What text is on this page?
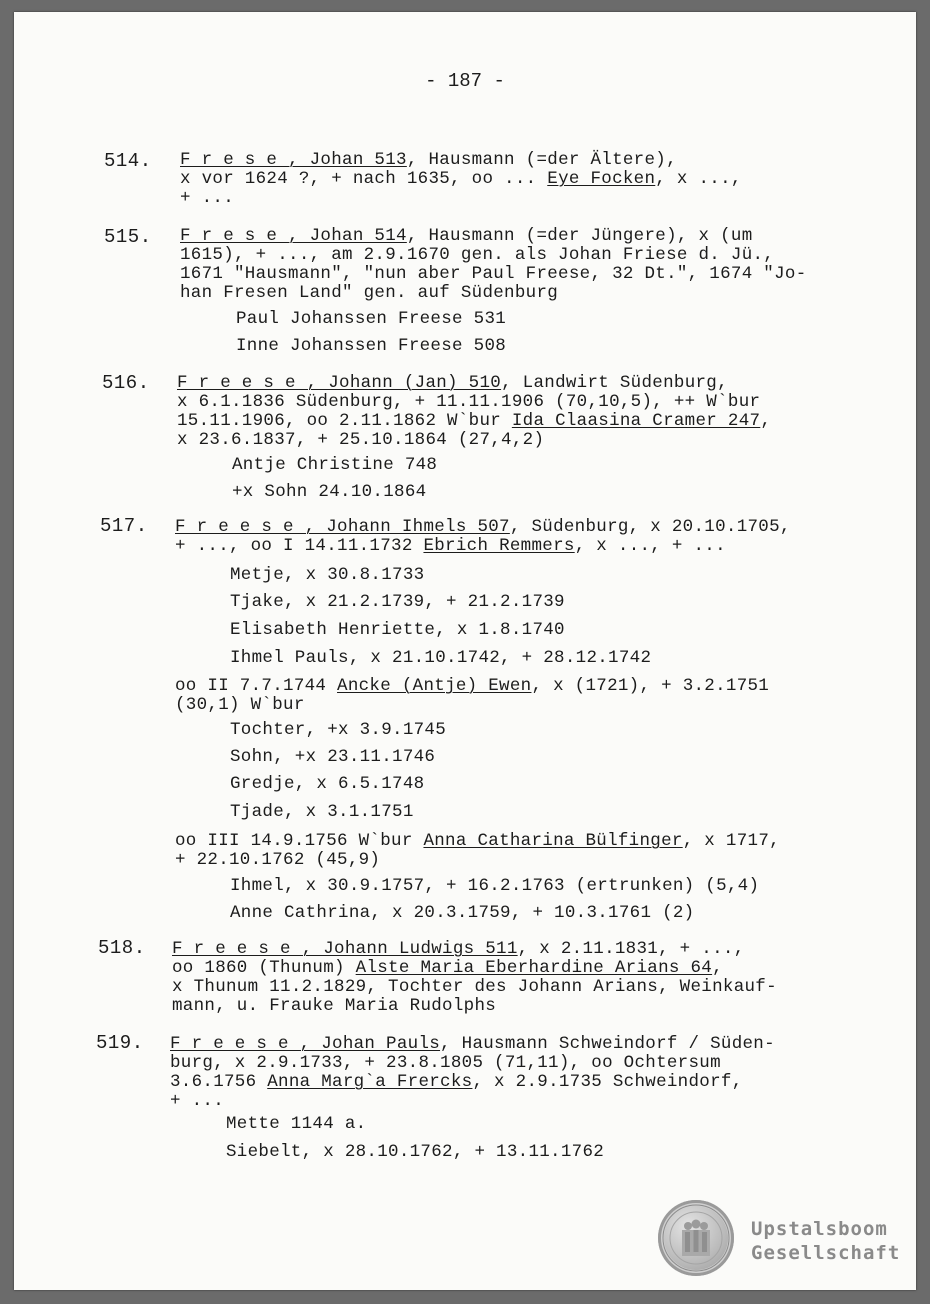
- 187 -
514. F r e s e , Johan 513, Hausmann (=der Ältere),
x vor 1624 ?, + nach 1635, oo ... Eye Focken, x ...,
+ ...
515. F r e s e , Johan 514, Hausmann (=der Jüngere), x (um
1615), + ..., am 2.9.1670 gen. als Johan Friese d. Jü.,
1671 "Hausmann", "nun aber Paul Freese, 32 Dt.", 1674 "Jo-
han Fresen Land" gen. auf Südenburg
Paul Johanssen Freese 531
Inne Johanssen Freese 508
516. F r e e s e , Johann (Jan) 510, Landwirt Südenburg,
x 6.1.1836 Südenburg, + 11.11.1906 (70,10,5), ++ W`bur
15.11.1906, oo 2.11.1862 W`bur Ida Claasina Cramer 247,
x 23.6.1837, + 25.10.1864 (27,4,2)
Antje Christine 748
+x Sohn 24.10.1864
517. F r e e s e , Johann Ihmels 507, Südenburg, x 20.10.1705,
+ ..., oo I 14.11.1732 Ebrich Remmers, x ..., + ...
Metje, x 30.8.1733
Tjake, x 21.2.1739, + 21.2.1739
Elisabeth Henriette, x 1.8.1740
Ihmel Pauls, x 21.10.1742, + 28.12.1742
oo II 7.7.1744 Ancke (Antje) Ewen, x (1721), + 3.2.1751
(30,1) W`bur
Tochter, +x 3.9.1745
Sohn, +x 23.11.1746
Gredje, x 6.5.1748
Tjade, x 3.1.1751
oo III 14.9.1756 W`bur Anna Catharina Bülfinger, x 1717,
+ 22.10.1762 (45,9)
Ihmel, x 30.9.1757, + 16.2.1763 (ertrunken) (5,4)
Anne Cathrina, x 20.3.1759, + 10.3.1761 (2)
518. F r e e s e , Johann Ludwigs 511, x 2.11.1831, + ...,
oo 1860 (Thunum) Alste Maria Eberhardine Arians 64,
x Thunum 11.2.1829, Tochter des Johann Arians, Weinkauf-
mann, u. Frauke Maria Rudolphs
519. F r e e s e , Johan Pauls, Hausmann Schweindorf / Süden-
burg, x 2.9.1733, + 23.8.1805 (71,11), oo Ochtersum
3.6.1756 Anna Marg`a Frercks, x 2.9.1735 Schweindorf,
+ ...
Mette 1144 a.
Siebelt, x 28.10.1762, + 13.11.1762
Upstalsboom
Gesellschaft
